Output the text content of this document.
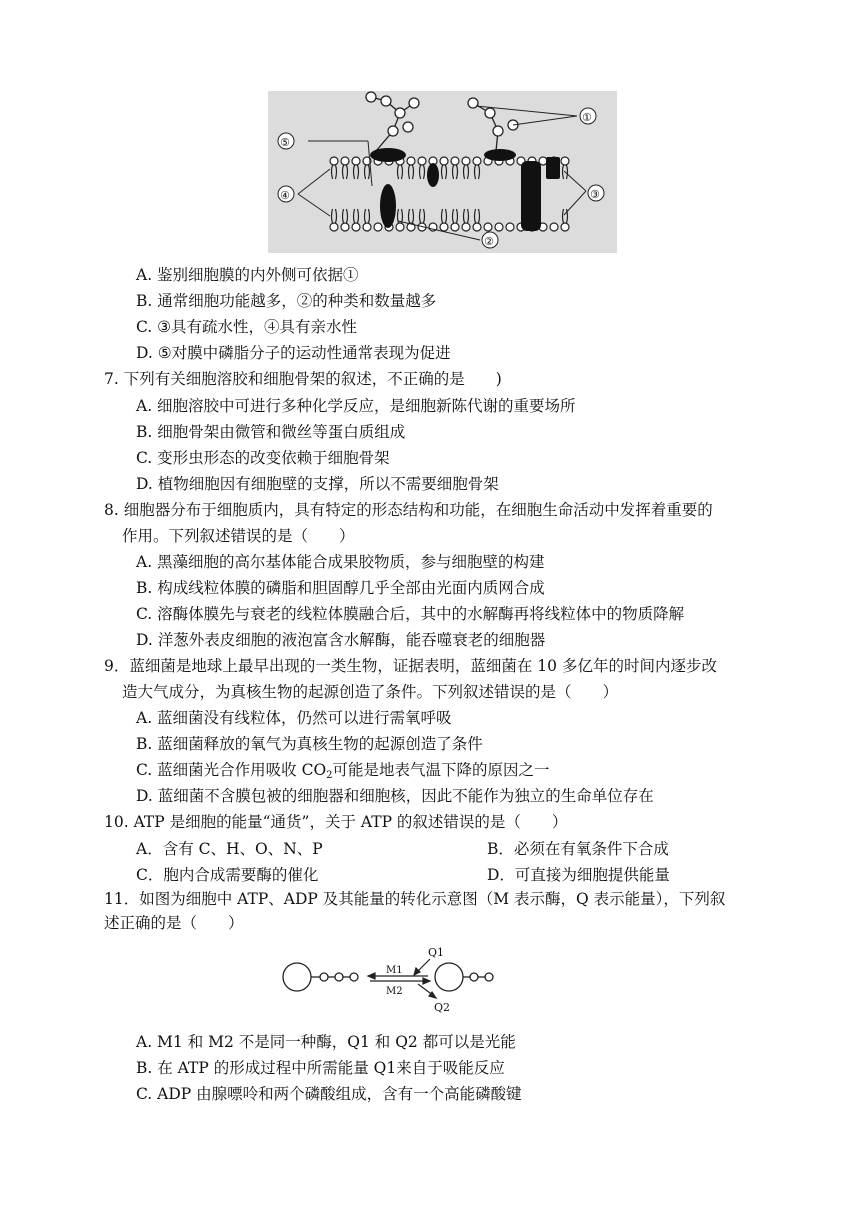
①
②
③
④
⑤
A. 鉴别细胞膜的内外侧可依据①
B. 通常细胞功能越多，②的种类和数量越多
C. ③具有疏水性，④具有亲水性
D. ⑤对膜中磷脂分子的运动性通常表现为促进
7. 下列有关细胞溶胶和细胞骨架的叙述，不正确的是　　)
A. 细胞溶胶中可进行多种化学反应，是细胞新陈代谢的重要场所
B. 细胞骨架由微管和微丝等蛋白质组成
C. 变形虫形态的改变依赖于细胞骨架
D. 植物细胞因有细胞壁的支撑，所以不需要细胞骨架
8. 细胞器分布于细胞质内，具有特定的形态结构和功能，在细胞生命活动中发挥着重要的
作用。下列叙述错误的是（　　）
A. 黑藻细胞的高尔基体能合成果胶物质，参与细胞壁的构建
B. 构成线粒体膜的磷脂和胆固醇几乎全部由光面内质网合成
C. 溶酶体膜先与衰老的线粒体膜融合后，其中的水解酶再将线粒体中的物质降解
D. 洋葱外表皮细胞的液泡富含水解酶，能吞噬衰老的细胞器
9．蓝细菌是地球上最早出现的一类生物，证据表明，蓝细菌在 10 多亿年的时间内逐步改
造大气成分，为真核生物的起源创造了条件。下列叙述错误的是（　　）
A. 蓝细菌没有线粒体，仍然可以进行需氧呼吸
B. 蓝细菌释放的氧气为真核生物的起源创造了条件
C. 蓝细菌光合作用吸收 $CO_2$可能是地表气温下降的原因之一
D. 蓝细菌不含膜包被的细胞器和细胞核，因此不能作为独立的生命单位存在
10. ATP 是细胞的能量“通货”，关于 ATP 的叙述错误的是（　　）
A．含有 C、H、O、N、P	B．必须在有氧条件下合成
C．胞内合成需要酶的催化	D．可直接为细胞提供能量
11．如图为细胞中 ATP、ADP 及其能量的转化示意图（M 表示酶，Q 表示能量），下列叙
述正确的是（　　）
Q1
M1
M2
Q2
A. M1 和 M2 不是同一种酶，Q1 和 Q2 都可以是光能
B. 在 ATP 的形成过程中所需能量 Q1来自于吸能反应
C. ADP 由腺嘌呤和两个磷酸组成，含有一个高能磷酸键
